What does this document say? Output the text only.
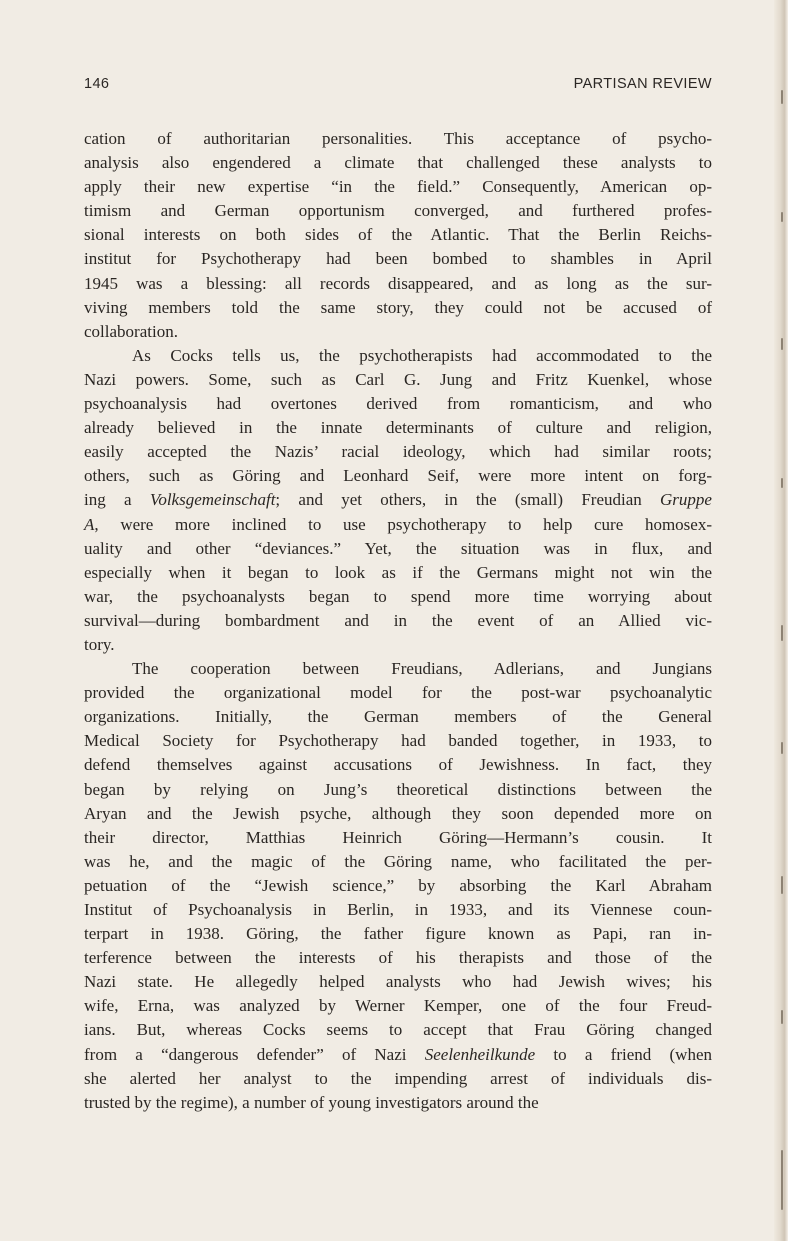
146	PARTISAN REVIEW
cation of authoritarian personalities. This acceptance of psycho-
analysis also engendered a climate that challenged these analysts to
apply their new expertise “in the field.” Consequently, American op-
timism and German opportunism converged, and furthered profes-
sional interests on both sides of the Atlantic. That the Berlin Reichs-
institut for Psychotherapy had been bombed to shambles in April
1945 was a blessing: all records disappeared, and as long as the sur-
viving members told the same story, they could not be accused of
collaboration.
As Cocks tells us, the psychotherapists had accommodated to the
Nazi powers. Some, such as Carl G. Jung and Fritz Kuenkel, whose
psychoanalysis had overtones derived from romanticism, and who
already believed in the innate determinants of culture and religion,
easily accepted the Nazis’ racial ideology, which had similar roots;
others, such as Göring and Leonhard Seif, were more intent on forg-
ing a Volksgemeinschaft; and yet others, in the (small) Freudian Gruppe
A, were more inclined to use psychotherapy to help cure homosex-
uality and other “deviances.” Yet, the situation was in flux, and
especially when it began to look as if the Germans might not win the
war, the psychoanalysts began to spend more time worrying about
survival—during bombardment and in the event of an Allied vic-
tory.
The cooperation between Freudians, Adlerians, and Jungians
provided the organizational model for the post-war psychoanalytic
organizations. Initially, the German members of the General
Medical Society for Psychotherapy had banded together, in 1933, to
defend themselves against accusations of Jewishness. In fact, they
began by relying on Jung’s theoretical distinctions between the
Aryan and the Jewish psyche, although they soon depended more on
their director, Matthias Heinrich Göring—Hermann’s cousin. It
was he, and the magic of the Göring name, who facilitated the per-
petuation of the “Jewish science,” by absorbing the Karl Abraham
Institut of Psychoanalysis in Berlin, in 1933, and its Viennese coun-
terpart in 1938. Göring, the father figure known as Papi, ran in-
terference between the interests of his therapists and those of the
Nazi state. He allegedly helped analysts who had Jewish wives; his
wife, Erna, was analyzed by Werner Kemper, one of the four Freud-
ians. But, whereas Cocks seems to accept that Frau Göring changed
from a “dangerous defender” of Nazi Seelenheilkunde to a friend (when
she alerted her analyst to the impending arrest of individuals dis-
trusted by the regime), a number of young investigators around the
